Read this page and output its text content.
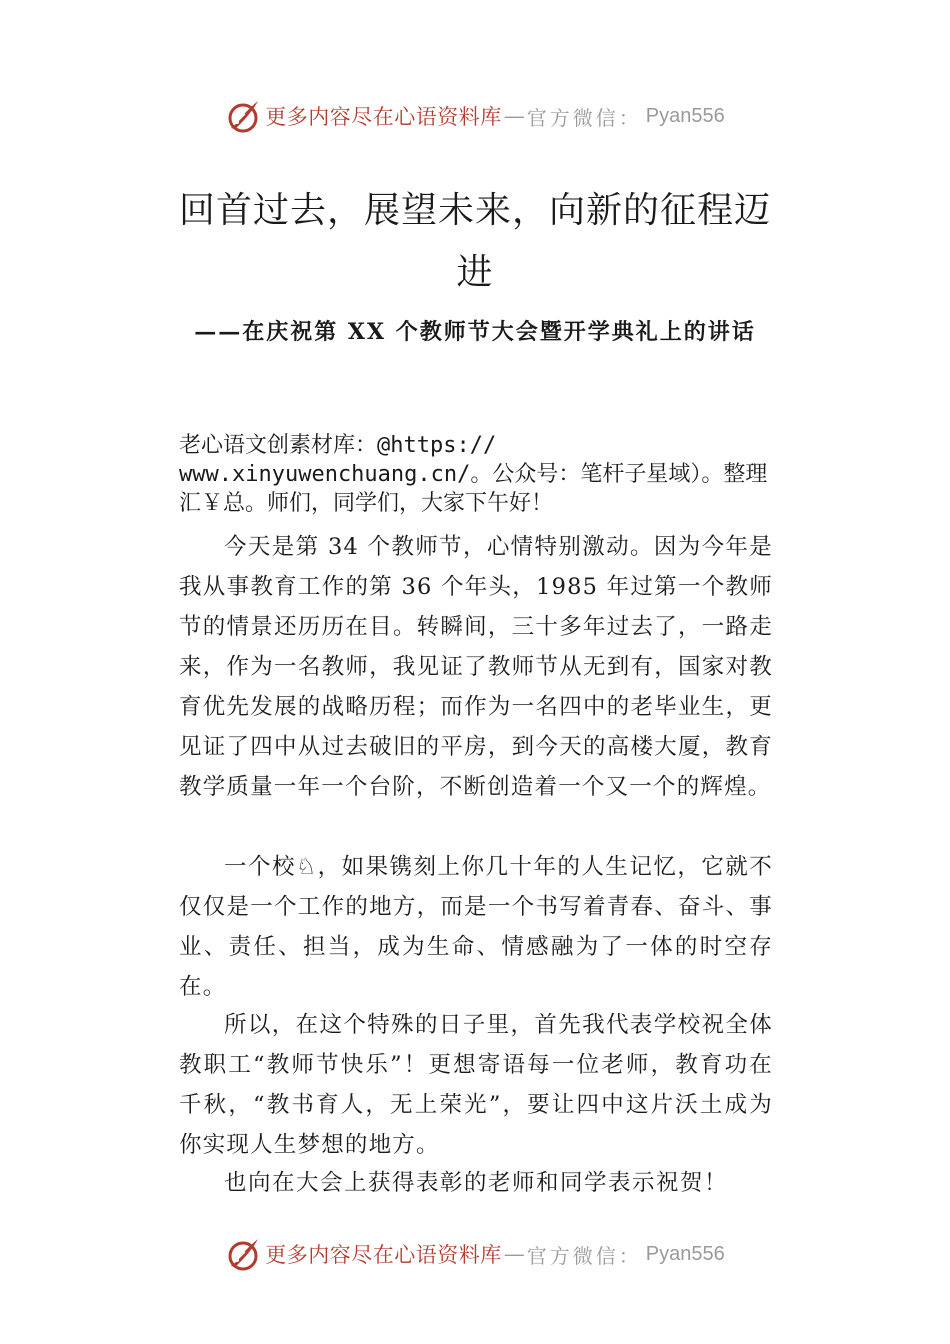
更多内容尽在心语资料库 — 官方微信： Pyan556
回首过去，展望未来，向新的征程迈进

——在庆祝第 XX 个教师节大会暨开学典礼上的讲话

老心语文创素材库：@https://
www.xinyuwenchuang.cn/。公众号：笔杆子星域）。整理
汇￥总。师们，同学们，大家下午好！

今天是第 34 个教师节，心情特别激动。因为今年是我从事教育工作的第 36 个年头，1985 年过第一个教师节的情景还历历在目。转瞬间，三十多年过去了，一路走来，作为一名教师，我见证了教师节从无到有，国家对教育优先发展的战略历程；而作为一名四中的老毕业生，更见证了四中从过去破旧的平房，到今天的高楼大厦，教育教学质量一年一个台阶，不断创造着一个又一个的辉煌。

一个校♘，如果镌刻上你几十年的人生记忆，它就不仅仅是一个工作的地方，而是一个书写着青春、奋斗、事业、责任、担当，成为生命、情感融为了一体的时空存在。

所以，在这个特殊的日子里，首先我代表学校祝全体教职工“教师节快乐”！更想寄语每一位老师，教育功在千秋，“教书育人，无上荣光”，要让四中这片沃土成为你实现人生梦想的地方。

也向在大会上获得表彰的老师和同学表示祝贺！

更多内容尽在心语资料库 — 官方微信： Pyan556
